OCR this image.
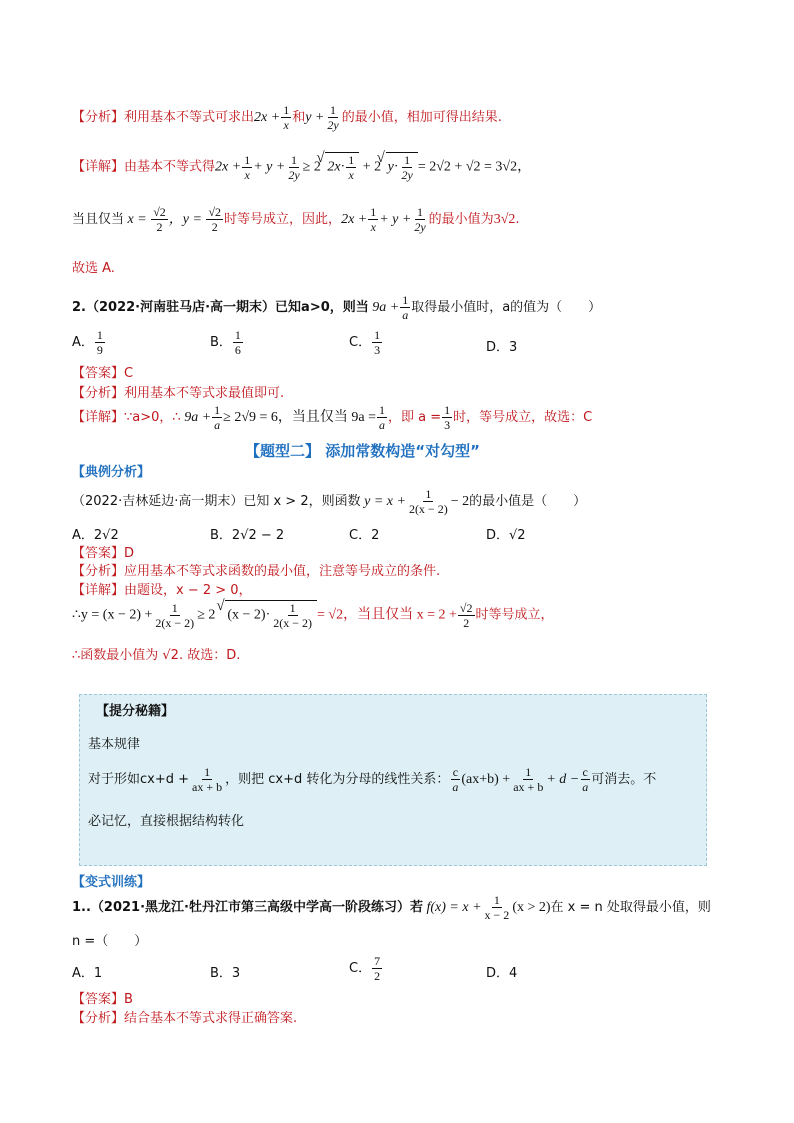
【分析】利用基本不等式可求出$2x + \frac{1}{x}$ 和$y + \frac{1}{2y}$ 的最小值，相加可得出结果.
【详解】由基本不等式得$2x + \frac{1}{x} + y + \frac{1}{2y} \ge 2$ √ $2x\cdot \frac{1}{x} + 2$ √ $y\cdot \frac{1}{2y} = 2√2 + √2 = 3√2$，
当且仅当 $x = \frac{√2}{2}$ ，$y = \frac{√2}{2}$ 时等号成立，因此，$2x + \frac{1}{x} + y + \frac{1}{2y}$ 的最小值为3√2.
故选 A.
2.（2022·河南驻马店·高一期末）已知a>0，则当 $9a + \frac{1}{a}$ 取得最小值时，a的值为（　　）
A． $\frac{1}{9}$	B． $\frac{1}{6}$	C． $\frac{1}{3}$	D．3
【答案】C
【分析】利用基本不等式求最值即可.
【详解】∵a>0，∴ $9a + \frac{1}{a} \ge 2√9 = 6$，当且仅当 $9a = \frac{1}{a}$ ，即 $a = \frac{1}{3}$ 时，等号成立，故选：C
【题型二】 添加常数构造“对勾型”
【典例分析】
（2022·吉林延边·高一期末）已知 x > 2，则函数 $y = x + \frac{1}{2(x - 2)} - 2$的最小值是（　　）
A．2√2	B．2√2 − 2	C．2	D．√2
【答案】D
【分析】应用基本不等式求函数的最小值，注意等号成立的条件.
【详解】由题设，x − 2 > 0，
∴y = $(x - 2) + \frac{1}{2(x - 2)} \ge 2√$ $(x - 2)\cdot \frac{1}{2(x - 2)} = √2$，当且仅当 $x = 2 + \frac{√2}{2}$ 时等号成立，
∴函数最小值为 √2. 故选：D.
【提分秘籍】
基本规律
对于形如$cx+d + \frac{1}{ax + b}$ ，则把 cx+d 转化为分母的线性关系： $\frac{c}{a} (ax+b) + \frac{1}{ax + b} + d - \frac{c}{a}$ 可消去。不
必记忆，直接根据结构转化
【变式训练】
1..（2021·黑龙江·牡丹江市第三高级中学高一阶段练习）若 $f(x) = x + \frac{1}{x - 2} (x > 2)$在 x = n 处取得最小值，则
n =（　　）
A．1	B．3	C． $\frac{7}{2}$	D．4
【答案】B
【分析】结合基本不等式求得正确答案.
